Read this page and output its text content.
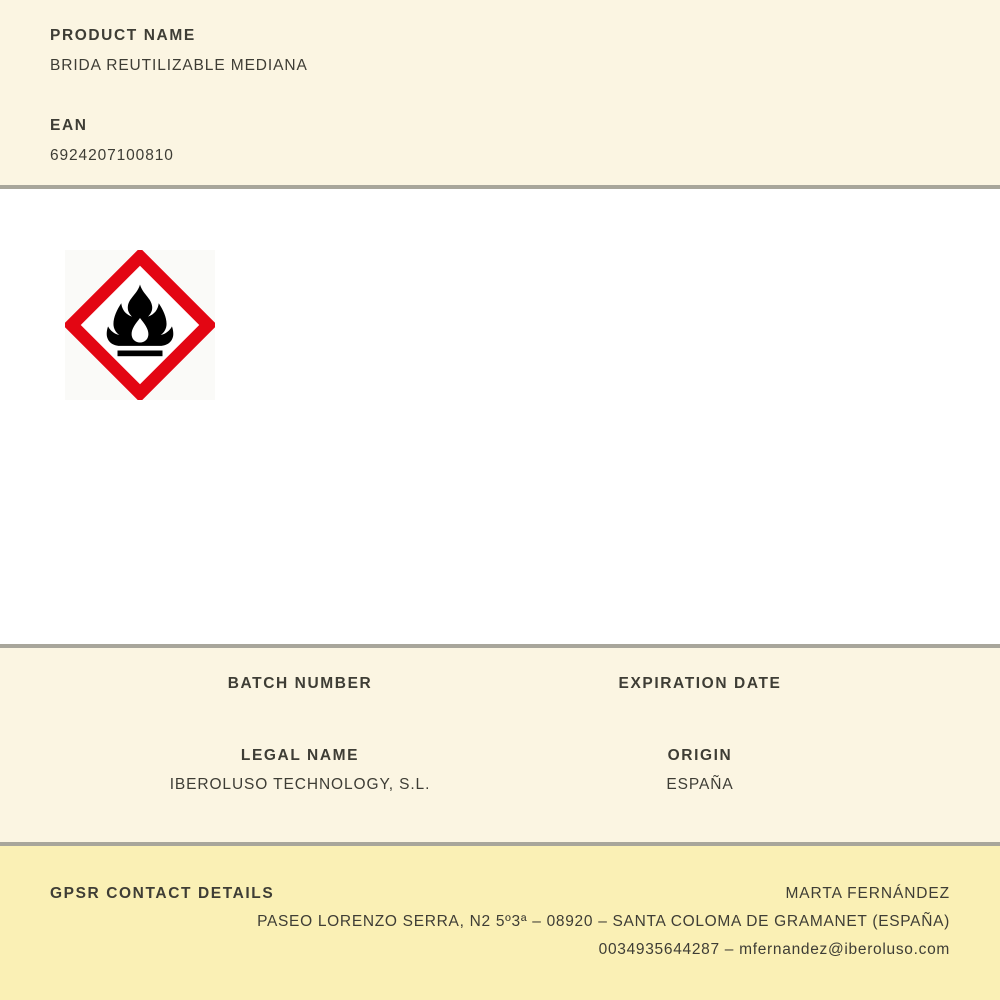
PRODUCT NAME
BRIDA REUTILIZABLE MEDIANA
EAN
6924207100810
BATCH NUMBER	EXPIRATION DATE
LEGAL NAME
IBEROLUSO TECHNOLOGY, S.L.
ORIGIN
ESPAÑA
GPSR CONTACT DETAILS	MARTA FERNÁNDEZ
PASEO LORENZO SERRA, N2 5º3ª – 08920 – SANTA COLOMA DE GRAMANET (ESPAÑA)
0034935644287 – mfernandez@iberoluso.com
